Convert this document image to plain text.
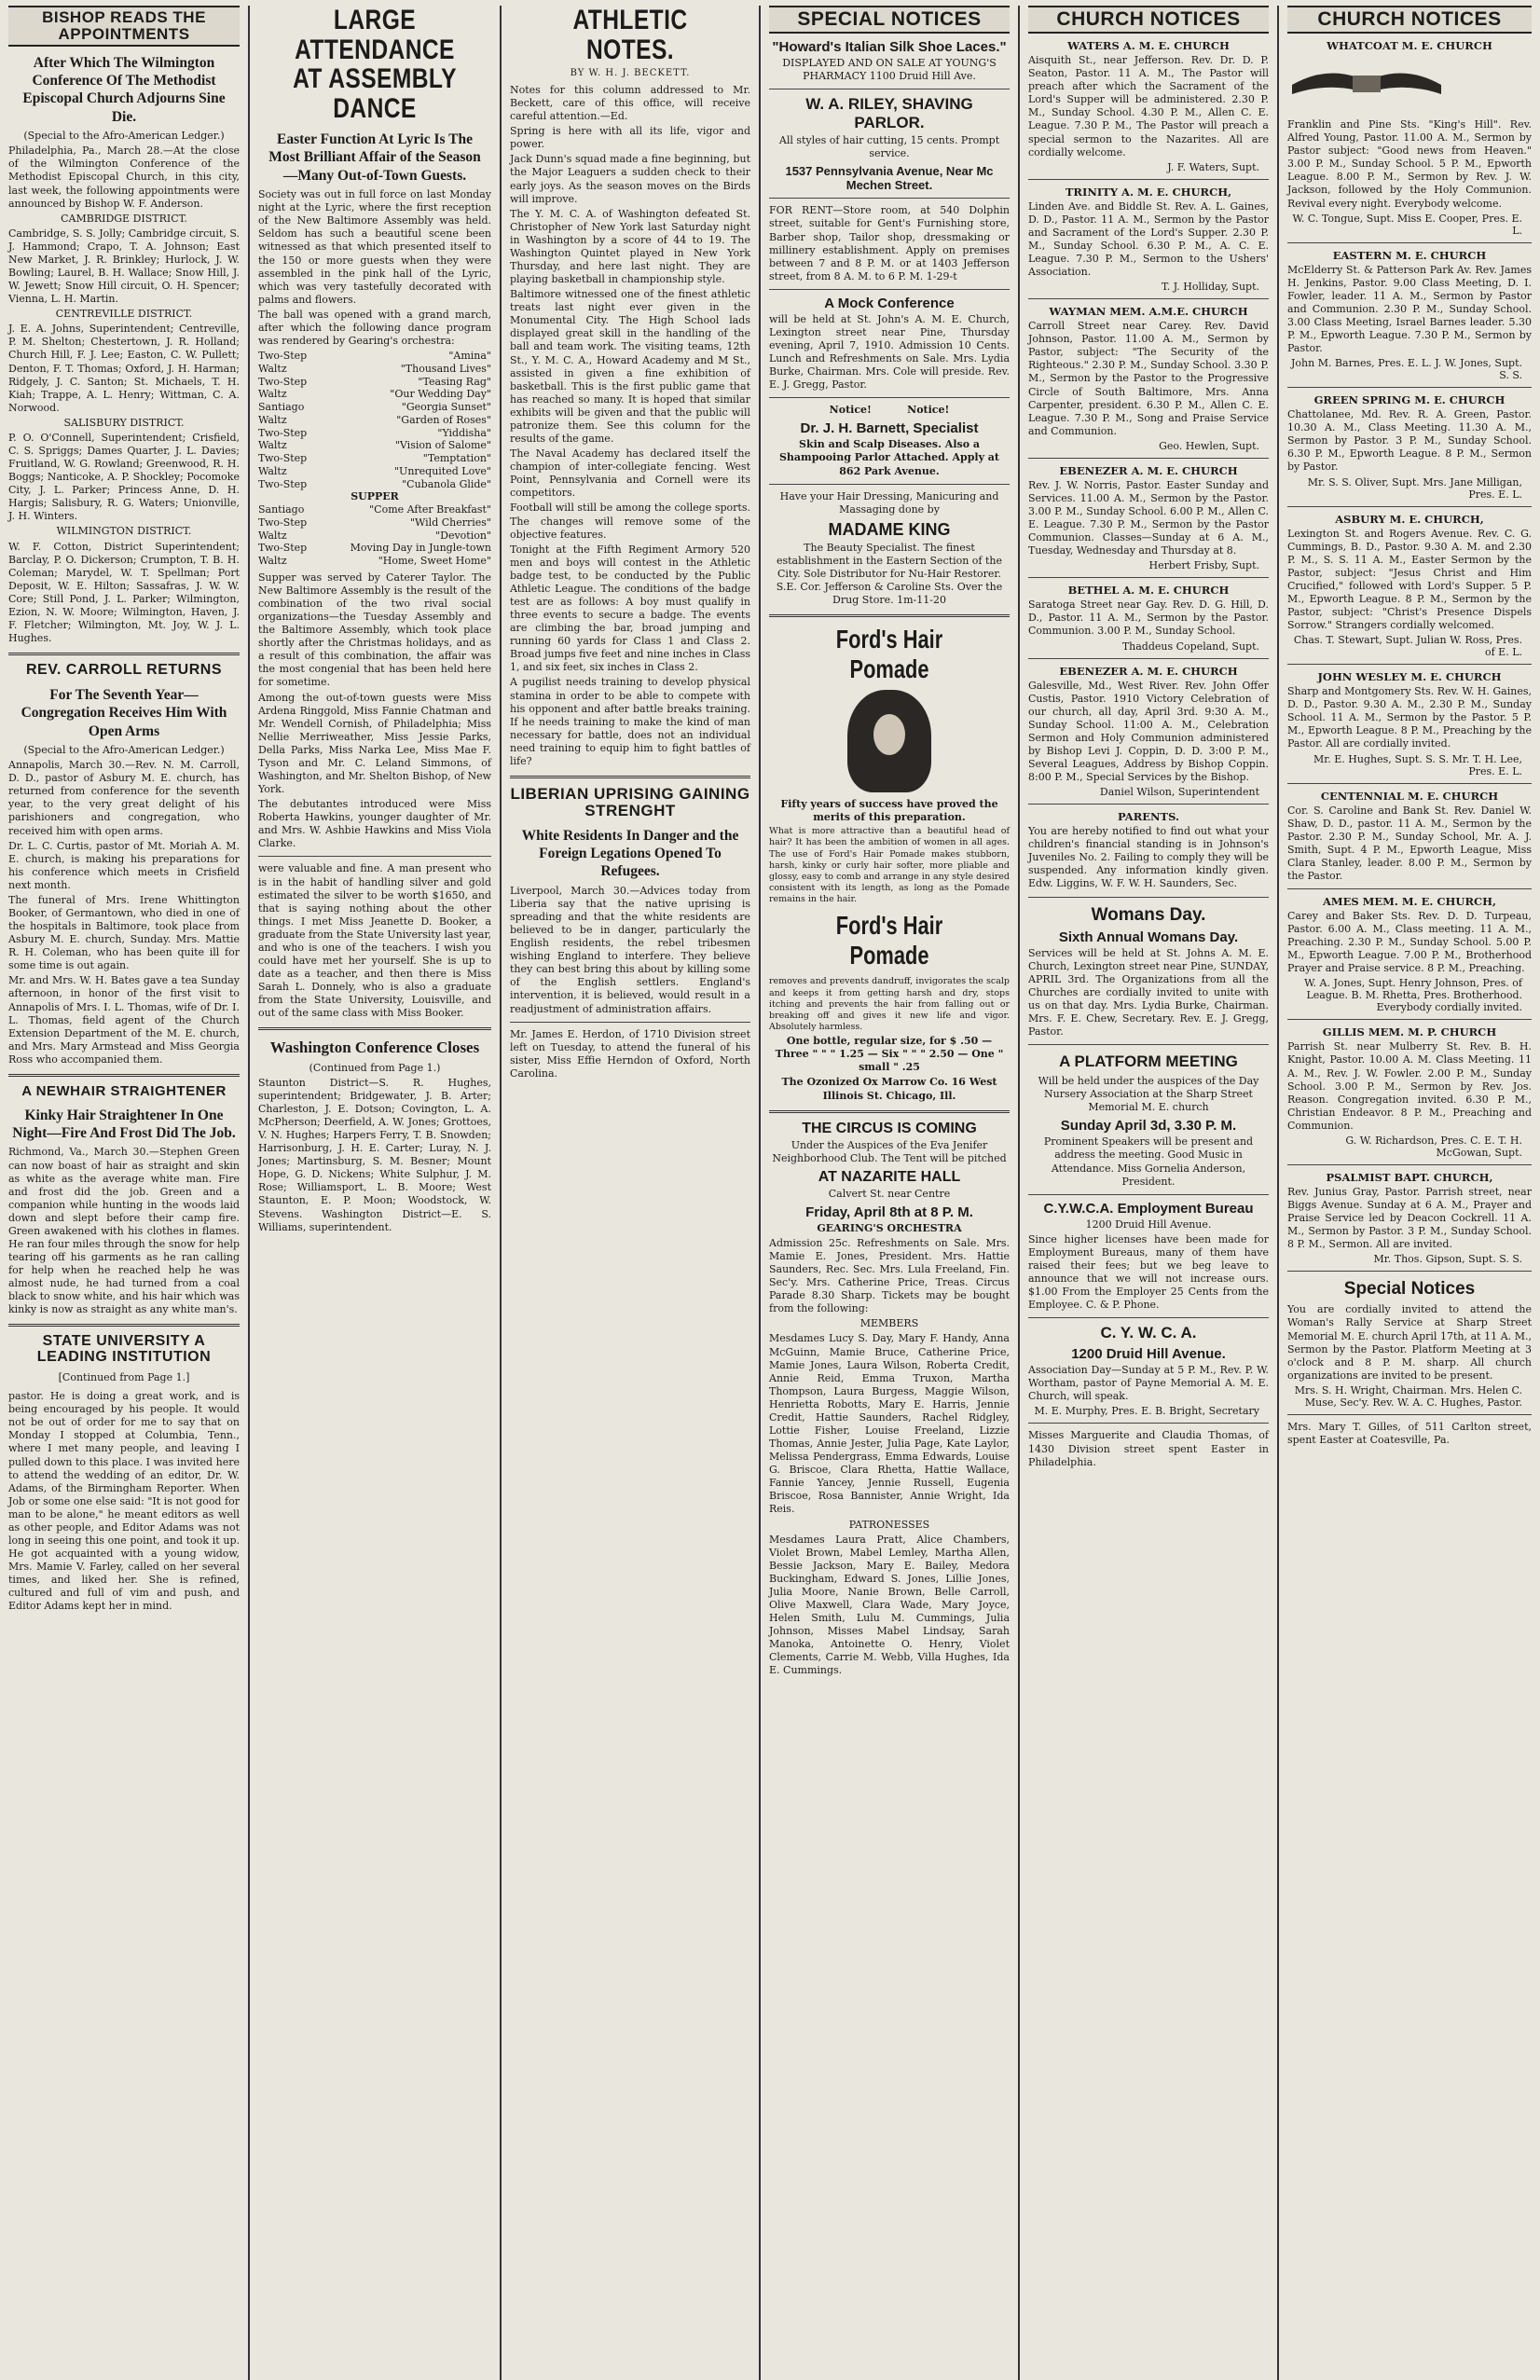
BISHOP READS THE APPOINTMENTS
After Which The Wilmington Conference Of The Methodist Episcopal Church Adjourns Sine Die.
(Special to the Afro-American Ledger.)

Philadelphia, Pa., March 28.—At the close of the Wilmington Conference of the Methodist Episcopal Church, in this city, last week, the following appointments were announced by Bishop W. F. Anderson.

CAMBRIDGE DISTRICT.

Cambridge, S. S. Jolly; Cambridge circuit, S. J. Hammond; Crapo, T. A. Johnson; East New Market, J. R. Brinkley; Hurlock, J. W. Bowling; Laurel, B. H. Wallace; Snow Hill, J. W. Jewett; Snow Hill circuit, O. H. Spencer; Vienna, L. H. Martin.

CENTREVILLE DISTRICT.

J. E. A. Johns, Superintendent; Centreville, P. M. Shelton; Chestertown, J. R. Holland; Church Hill, F. J. Lee; Easton, C. W. Pullett; Denton, F. T. Thomas; Oxford, J. H. Harman; Ridgely, J. C. Santon; St. Michaels, T. H. Kiah; Trappe, A. L. Henry; Wittman, C. A. Norwood.

SALISBURY DISTRICT.

P. O. O'Connell, Superintendent; Crisfield, C. S. Spriggs; Dames Quarter, J. L. Davies; Fruitland, W. G. Rowland; Greenwood, R. H. Boggs; Nanticoke, A. P. Shockley; Pocomoke City, J. L. Parker; Princess Anne, D. H. Hargis; Salisbury, R. G. Waters; Unionville, J. H. Winters.

WILMINGTON DISTRICT.

W. F. Cotton, District Superintendent; Barclay, P. O. Dickerson; Crumpton, T. B. H. Coleman; Marydel, W. T. Spellman; Port Deposit, W. E. Hilton; Sassafras, J. W. W. Core; Still Pond, J. L. Parker; Wilmington, Ezion, N. W. Moore; Wilmington, Haven, J. F. Fletcher; Wilmington, Mt. Joy, W. J. L. Hughes.

REV. CARROLL RETURNS
For The Seventh Year—Congregation Receives Him With Open Arms
(Special to the Afro-American Ledger.)

Annapolis, March 30.—Rev. N. M. Carroll, D. D., pastor of Asbury M. E. church, has returned from conference for the seventh year, to the very great delight of his parishioners and congregation, who received him with open arms.

Dr. L. C. Curtis, pastor of Mt. Moriah A. M. E. church, is making his preparations for his conference which meets in Crisfield next month.

The funeral of Mrs. Irene Whittington Booker, of Germantown, who died in one of the hospitals in Baltimore, took place from Asbury M. E. church, Sunday. Mrs. Mattie R. H. Coleman, who has been quite ill for some time is out again.

Mr. and Mrs. W. H. Bates gave a tea Sunday afternoon, in honor of the first visit to Annapolis of Mrs. I. L. Thomas, wife of Dr. I. L. Thomas, field agent of the Church Extension Department of the M. E. church, and Mrs. Mary Armstead and Miss Georgia Ross who accompanied them.

A NEWHAIR STRAIGHTENER
Kinky Hair Straightener In One Night—Fire And Frost Did The Job.

Richmond, Va., March 30.—Stephen Green can now boast of hair as straight and skin as white as the average white man. Fire and frost did the job. Green and a companion while hunting in the woods laid down and slept before their camp fire. Green awakened with his clothes in flames. He ran four miles through the snow for help tearing off his garments as he ran calling for help when he reached help he was almost nude, he had turned from a coal black to snow white, and his hair which was kinky is now as straight as any white man's.

STATE UNIVERSITY A LEADING INSTITUTION
[Continued from Page 1.]

pastor. He is doing a great work, and is being encouraged by his people. It would not be out of order for me to say that on Monday I stopped at Columbia, Tenn., where I met many people, and leaving I pulled down to this place. I was invited here to attend the wedding of an editor, Dr. W. Adams, of the Birmingham Reporter. When Job or some one else said: "It is not good for man to be alone," he meant editors as well as other people, and Editor Adams was not long in seeing this one point, and took it up. He got acquainted with a young widow, Mrs. Mamie V. Farley, called on her several times, and liked her. She is refined, cultured and full of vim and push, and Editor Adams kept her in mind.

LARGE ATTENDANCE AT ASSEMBLY DANCE
Easter Function At Lyric Is The Most Brilliant Affair of the Season—Many Out-of-Town Guests.

Society was out in full force on last Monday night at the Lyric, where the first reception of the New Baltimore Assembly was held. Seldom has such a beautiful scene been witnessed as that which presented itself to the 150 or more guests when they were assembled in the pink hall of the Lyric, which was very tastefully decorated with palms and flowers.

The ball was opened with a grand march, after which the following dance program was rendered by Gearing's orchestra:

Two-Step	"Amina"
Waltz	"Thousand Lives"
Two-Step	"Teasing Rag"
Waltz	"Our Wedding Day"
Santiago	"Georgia Sunset"
Waltz	"Garden of Roses"
Two-Step	"Yiddisha"
Waltz	"Vision of Salome"
Two-Step	"Temptation"
Waltz	"Unrequited Love"
Two-Step	"Cubanola Glide"
SUPPER
Santiago	"Come After Breakfast"
Two-Step	"Wild Cherries"
Waltz	"Devotion"
Two-Step	Moving Day in Jungle-town
Waltz	"Home, Sweet Home"

Supper was served by Caterer Taylor. The New Baltimore Assembly is the result of the combination of the two rival social organizations—the Tuesday Assembly and the Baltimore Assembly, which took place shortly after the Christmas holidays, and as a result of this combination, the affair was the most congenial that has been held here for sometime.

Among the out-of-town guests were Miss Ardena Ringgold, Miss Fannie Chatman and Mr. Wendell Cornish, of Philadelphia; Miss Nellie Merriweather, Miss Jessie Parks, Della Parks, Miss Narka Lee, Miss Mae F. Tyson and Mr. C. Leland Simmons, of Washington, and Mr. Shelton Bishop, of New York.

The debutantes introduced were Miss Roberta Hawkins, younger daughter of Mr. and Mrs. W. Ashbie Hawkins and Miss Viola Clarke.

were valuable and fine. A man present who is in the habit of handling silver and gold estimated the silver to be worth $1650, and that is saying nothing about the other things. I met Miss Jeanette D. Booker, a graduate from the State University last year, and who is one of the teachers. I wish you could have met her yourself. She is up to date as a teacher, and then there is Miss Sarah L. Donnely, who is also a graduate from the State University, Louisville, and out of the same class with Miss Booker.

Washington Conference Closes
(Continued from Page 1.)

Staunton District—S. R. Hughes, superintendent; Bridgewater, J. B. Arter; Charleston, J. E. Dotson; Covington, L. A. McPherson; Deerfield, A. W. Jones; Grottoes, V. N. Hughes; Harpers Ferry, T. B. Snowden; Harrisonburg, J. H. E. Carter; Luray, N. J. Jones; Martinsburg, S. M. Besner; Mount Hope, G. D. Nickens; White Sulphur, J. M. Rose; Williamsport, L. B. Moore; West Staunton, E. P. Moon; Woodstock, W. Stevens. Washington District—E. S. Williams, superintendent.

ATHLETIC NOTES.
BY W. H. J. BECKETT.

Notes for this column addressed to Mr. Beckett, care of this office, will receive careful attention.—Ed.

Spring is here with all its life, vigor and power.

Jack Dunn's squad made a fine beginning, but the Major Leaguers a sudden check to their early joys. As the season moves on the Birds will improve.

The Y. M. C. A. of Washington defeated St. Christopher of New York last Saturday night in Washington by a score of 44 to 19. The Washington Quintet played in New York Thursday, and here last night. They are playing basketball in championship style.

Baltimore witnessed one of the finest athletic treats last night ever given in the Monumental City. The High School lads displayed great skill in the handling of the ball and team work. The visiting teams, 12th St., Y. M. C. A., Howard Academy and M St., assisted in given a fine exhibition of basketball. This is the first public game that has reached so many. It is hoped that similar exhibits will be given and that the public will patronize them. See this column for the results of the game.

The Naval Academy has declared itself the champion of inter-collegiate fencing. West Point, Pennsylvania and Cornell were its competitors.

Football will still be among the college sports. The changes will remove some of the objective features.

Tonight at the Fifth Regiment Armory 520 men and boys will contest in the Athletic badge test, to be conducted by the Public Athletic League. The conditions of the badge test are as follows: A boy must qualify in three events to secure a badge. The events are climbing the bar, broad jumping and running 60 yards for Class 1 and Class 2. Broad jumps five feet and nine inches in Class 1, and six feet, six inches in Class 2.

A pugilist needs training to develop physical stamina in order to be able to compete with his opponent and after battle breaks training. If he needs training to make the kind of man necessary for battle, does not an individual need training to equip him to fight battles of life?

LIBERIAN UPRISING GAINING STRENGHT
White Residents In Danger and the Foreign Legations Opened To Refugees.

Liverpool, March 30.—Advices today from Liberia say that the native uprising is spreading and that the white residents are believed to be in danger, particularly the English residents, the rebel tribesmen wishing England to interfere. They believe they can best bring this about by killing some of the English settlers. England's intervention, it is believed, would result in a readjustment of administration affairs.

Mr. James E. Herdon, of 1710 Division street left on Tuesday, to attend the funeral of his sister, Miss Effie Herndon of Oxford, North Carolina.

SPECIAL NOTICES
"Howard's Italian Silk Shoe Laces."
DISPLAYED AND ON SALE AT YOUNG'S PHARMACY 1100 Druid Hill Ave.
W. A. RILEY, SHAVING PARLOR.
All styles of hair cutting, 15 cents. Prompt service.
1537 Pennsylvania Avenue, Near Mc Mechen Street.

FOR RENT—Store room, at 540 Dolphin street, suitable for Gent's Furnishing store, Barber shop, Tailor shop, dressmaking or millinery establishment. Apply on premises between 7 and 8 P. M. or at 1403 Jefferson street, from 8 A. M. to 6 P. M. 1-29-t

A Mock Conference

will be held at St. John's A. M. E. Church, Lexington street near Pine, Thursday evening, April 7, 1910. Admission 10 Cents. Lunch and Refreshments on Sale. Mrs. Lydia Burke, Chairman. Mrs. Cole will preside. Rev. E. J. Gregg, Pastor.

Notice!          Notice!
Dr. J. H. Barnett, Specialist
Skin and Scalp Diseases. Also a Shampooing Parlor Attached. Apply at 862 Park Avenue.
Have your Hair Dressing, Manicuring and Massaging done by
MADAME KING
The Beauty Specialist. The finest establishment in the Eastern Section of the City. Sole Distributor for Nu-Hair Restorer. S.E. Cor. Jefferson & Caroline Sts. Over the Drug Store. 1m-11-20
Ford's Hair Pomade
Fifty years of success have proved the merits of this preparation.

What is more attractive than a beautiful head of hair? It has been the ambition of women in all ages. The use of Ford's Hair Pomade makes stubborn, harsh, kinky or curly hair softer, more pliable and glossy, easy to comb and arrange in any style desired consistent with its length, as long as the Pomade remains in the hair.

Ford's Hair Pomade

removes and prevents dandruff, invigorates the scalp and keeps it from getting harsh and dry, stops itching and prevents the hair from falling out or breaking off and gives it new life and vigor. Absolutely harmless.

One bottle, regular size, for $ .50 — Three " " " 1.25 — Six " " " 2.50 — One " small " .25
The Ozonized Ox Marrow Co. 16 West Illinois St. Chicago, Ill.
THE CIRCUS IS COMING
Under the Auspices of the Eva Jenifer Neighborhood Club. The Tent will be pitched
AT NAZARITE HALL
Calvert St. near Centre
Friday, April 8th at 8 P. M.
GEARING'S ORCHESTRA

Admission 25c. Refreshments on Sale. Mrs. Mamie E. Jones, President. Mrs. Hattie Saunders, Rec. Sec. Mrs. Lula Freeland, Fin. Sec'y. Mrs. Catherine Price, Treas. Circus Parade 8.30 Sharp. Tickets may be bought from the following:

MEMBERS

Mesdames Lucy S. Day, Mary F. Handy, Anna McGuinn, Mamie Bruce, Catherine Price, Mamie Jones, Laura Wilson, Roberta Credit, Annie Reid, Emma Truxon, Martha Thompson, Laura Burgess, Maggie Wilson, Henrietta Robotts, Mary E. Harris, Jennie Credit, Hattie Saunders, Rachel Ridgley, Lottie Fisher, Louise Freeland, Lizzie Thomas, Annie Jester, Julia Page, Kate Laylor, Melissa Pendergrass, Emma Edwards, Louise G. Briscoe, Clara Rhetta, Hattie Wallace, Fannie Yancey, Jennie Russell, Eugenia Briscoe, Rosa Bannister, Annie Wright, Ida Reis.

PATRONESSES

Mesdames Laura Pratt, Alice Chambers, Violet Brown, Mabel Lemley, Martha Allen, Bessie Jackson, Mary E. Bailey, Medora Buckingham, Edward S. Jones, Lillie Jones, Julia Moore, Nanie Brown, Belle Carroll, Olive Maxwell, Clara Wade, Mary Joyce, Helen Smith, Lulu M. Cummings, Julia Johnson, Misses Mabel Lindsay, Sarah Manoka, Antoinette O. Henry, Violet Clements, Carrie M. Webb, Villa Hughes, Ida E. Cummings.

CHURCH NOTICES
WATERS A. M. E. CHURCH

Aisquith St., near Jefferson. Rev. Dr. D. P. Seaton, Pastor. 11 A. M., The Pastor will preach after which the Sacrament of the Lord's Supper will be administered. 2.30 P. M., Sunday School. 4.30 P. M., Allen C. E. League. 7.30 P. M., The Pastor will preach a special sermon to the Nazarites. All are cordially welcome.

J. F. Waters, Supt.
TRINITY A. M. E. CHURCH,

Linden Ave. and Biddle St. Rev. A. L. Gaines, D. D., Pastor. 11 A. M., Sermon by the Pastor and Sacrament of the Lord's Supper. 2.30 P. M., Sunday School. 6.30 P. M., A. C. E. League. 7.30 P. M., Sermon to the Ushers' Association.

T. J. Holliday, Supt.
WAYMAN MEM. A.M.E. CHURCH

Carroll Street near Carey. Rev. David Johnson, Pastor. 11.00 A. M., Sermon by Pastor, subject: "The Security of the Righteous." 2.30 P. M., Sunday School. 3.30 P. M., Sermon by the Pastor to the Progressive Circle of South Baltimore, Mrs. Anna Carpenter, president. 6.30 P. M., Allen C. E. League. 7.30 P. M., Song and Praise Service and Communion.

Geo. Hewlen, Supt.
EBENEZER A. M. E. CHURCH

Rev. J. W. Norris, Pastor. Easter Sunday and Services. 11.00 A. M., Sermon by the Pastor. 3.00 P. M., Sunday School. 6.00 P. M., Allen C. E. League. 7.30 P. M., Sermon by the Pastor Communion. Classes—Sunday at 6 A. M., Tuesday, Wednesday and Thursday at 8.

Herbert Frisby, Supt.
BETHEL A. M. E. CHURCH

Saratoga Street near Gay. Rev. D. G. Hill, D. D., Pastor. 11 A. M., Sermon by the Pastor. Communion. 3.00 P. M., Sunday School.

Thaddeus Copeland, Supt.
EBENEZER A. M. E. CHURCH

Galesville, Md., West River. Rev. John Offer Custis, Pastor. 1910 Victory Celebration of our church, all day, April 3rd. 9:30 A. M., Sunday School. 11:00 A. M., Celebration Sermon and Holy Communion administered by Bishop Levi J. Coppin, D. D. 3:00 P. M., Several Leagues, Address by Bishop Coppin. 8:00 P. M., Special Services by the Bishop.

Daniel Wilson, Superintendent
PARENTS.

You are hereby notified to find out what your children's financial standing is in Johnson's Juveniles No. 2. Failing to comply they will be suspended. Any information kindly given. Edw. Liggins, W. F. W. H. Saunders, Sec.

Womans Day.
Sixth Annual Womans Day.

Services will be held at St. Johns A. M. E. Church, Lexington street near Pine, SUNDAY, APRIL 3rd. The Organizations from all the Churches are cordially invited to unite with us on that day. Mrs. Lydia Burke, Chairman. Mrs. F. E. Chew, Secretary. Rev. E. J. Gregg, Pastor.

A PLATFORM MEETING

Will be held under the auspices of the Day Nursery Association at the Sharp Street Memorial M. E. church

Sunday April 3d, 3.30 P. M.

Prominent Speakers will be present and address the meeting. Good Music in Attendance. Miss Gornelia Anderson, President.

C.Y.W.C.A. Employment Bureau
1200 Druid Hill Avenue.

Since higher licenses have been made for Employment Bureaus, many of them have raised their fees; but we beg leave to announce that we will not increase ours. $1.00 From the Employer 25 Cents from the Employee. C. & P. Phone.

C. Y. W. C. A.
1200 Druid Hill Avenue.

Association Day—Sunday at 5 P. M., Rev. P. W. Wortham, pastor of Payne Memorial A. M. E. Church, will speak.

M. E. Murphy, Pres. E. B. Bright, Secretary

Misses Marguerite and Claudia Thomas, of 1430 Division street spent Easter in Philadelphia.

CHURCH NOTICES
WHATCOAT M. E. CHURCH

Franklin and Pine Sts. "King's Hill". Rev. Alfred Young, Pastor. 11.00 A. M., Sermon by Pastor subject: "Good news from Heaven." 3.00 P. M., Sunday School. 5 P. M., Epworth League. 8.00 P. M., Sermon by Rev. J. W. Jackson, followed by the Holy Communion. Revival every night. Everybody welcome.

W. C. Tongue, Supt. Miss E. Cooper, Pres. E. L.
EASTERN M. E. CHURCH

McElderry St. & Patterson Park Av. Rev. James H. Jenkins, Pastor. 9.00 Class Meeting, D. I. Fowler, leader. 11 A. M., Sermon by Pastor and Communion. 2.30 P. M., Sunday School. 3.00 Class Meeting, Israel Barnes leader. 5.30 P. M., Epworth League. 7.30 P. M., Sermon by Pastor.

John M. Barnes, Pres. E. L. J. W. Jones, Supt. S. S.
GREEN SPRING M. E. CHURCH

Chattolanee, Md. Rev. R. A. Green, Pastor. 10.30 A. M., Class Meeting. 11.30 A. M., Sermon by Pastor. 3 P. M., Sunday School. 6.30 P. M., Epworth League. 8 P. M., Sermon by Pastor.

Mr. S. S. Oliver, Supt. Mrs. Jane Milligan, Pres. E. L.
ASBURY M. E. CHURCH,

Lexington St. and Rogers Avenue. Rev. C. G. Cummings, B. D., Pastor. 9.30 A. M. and 2.30 P. M., S. S. 11 A. M., Easter Sermon by the Pastor, subject: "Jesus Christ and Him Crucified," followed with Lord's Supper. 5 P. M., Epworth League. 8 P. M., Sermon by the Pastor, subject: "Christ's Presence Dispels Sorrow." Strangers cordially welcomed.

Chas. T. Stewart, Supt. Julian W. Ross, Pres. of E. L.
JOHN WESLEY M. E. CHURCH

Sharp and Montgomery Sts. Rev. W. H. Gaines, D. D., Pastor. 9.30 A. M., 2.30 P. M., Sunday School. 11 A. M., Sermon by the Pastor. 5 P. M., Epworth League. 8 P. M., Preaching by the Pastor. All are cordially invited.

Mr. E. Hughes, Supt. S. S. Mr. T. H. Lee, Pres. E. L.
CENTENNIAL M. E. CHURCH

Cor. S. Caroline and Bank St. Rev. Daniel W. Shaw, D. D., pastor. 11 A. M., Sermon by the Pastor. 2.30 P. M., Sunday School, Mr. A. J. Smith, Supt. 4 P. M., Epworth League, Miss Clara Stanley, leader. 8.00 P. M., Sermon by the Pastor.

AMES MEM. M. E. CHURCH,

Carey and Baker Sts. Rev. D. D. Turpeau, Pastor. 6.00 A. M., Class meeting. 11 A. M., Preaching. 2.30 P. M., Sunday School. 5.00 P. M., Epworth League. 7.00 P. M., Brotherhood Prayer and Praise service. 8 P. M., Preaching.

W. A. Jones, Supt. Henry Johnson, Pres. of League. B. M. Rhetta, Pres. Brotherhood. Everybody cordially invited.
GILLIS MEM. M. P. CHURCH

Parrish St. near Mulberry St. Rev. B. H. Knight, Pastor. 10.00 A. M. Class Meeting. 11 A. M., Rev. J. W. Fowler. 2.00 P. M., Sunday School. 3.00 P. M., Sermon by Rev. Jos. Reason. Congregation invited. 6.30 P. M., Christian Endeavor. 8 P. M., Preaching and Communion.

G. W. Richardson, Pres. C. E. T. H. McGowan, Supt.
PSALMIST BAPT. CHURCH,

Rev. Junius Gray, Pastor. Parrish street, near Biggs Avenue. Sunday at 6 A. M., Prayer and Praise Service led by Deacon Cockrell. 11 A. M., Sermon by Pastor. 3 P. M., Sunday School. 8 P. M., Sermon. All are invited.

Mr. Thos. Gipson, Supt. S. S.
Special Notices

You are cordially invited to attend the Woman's Rally Service at Sharp Street Memorial M. E. church April 17th, at 11 A. M., Sermon by the Pastor. Platform Meeting at 3 o'clock and 8 P. M. sharp. All church organizations are invited to be present.

Mrs. S. H. Wright, Chairman. Mrs. Helen C. Muse, Sec'y. Rev. W. A. C. Hughes, Pastor.

Mrs. Mary T. Gilles, of 511 Carlton street, spent Easter at Coatesville, Pa.
